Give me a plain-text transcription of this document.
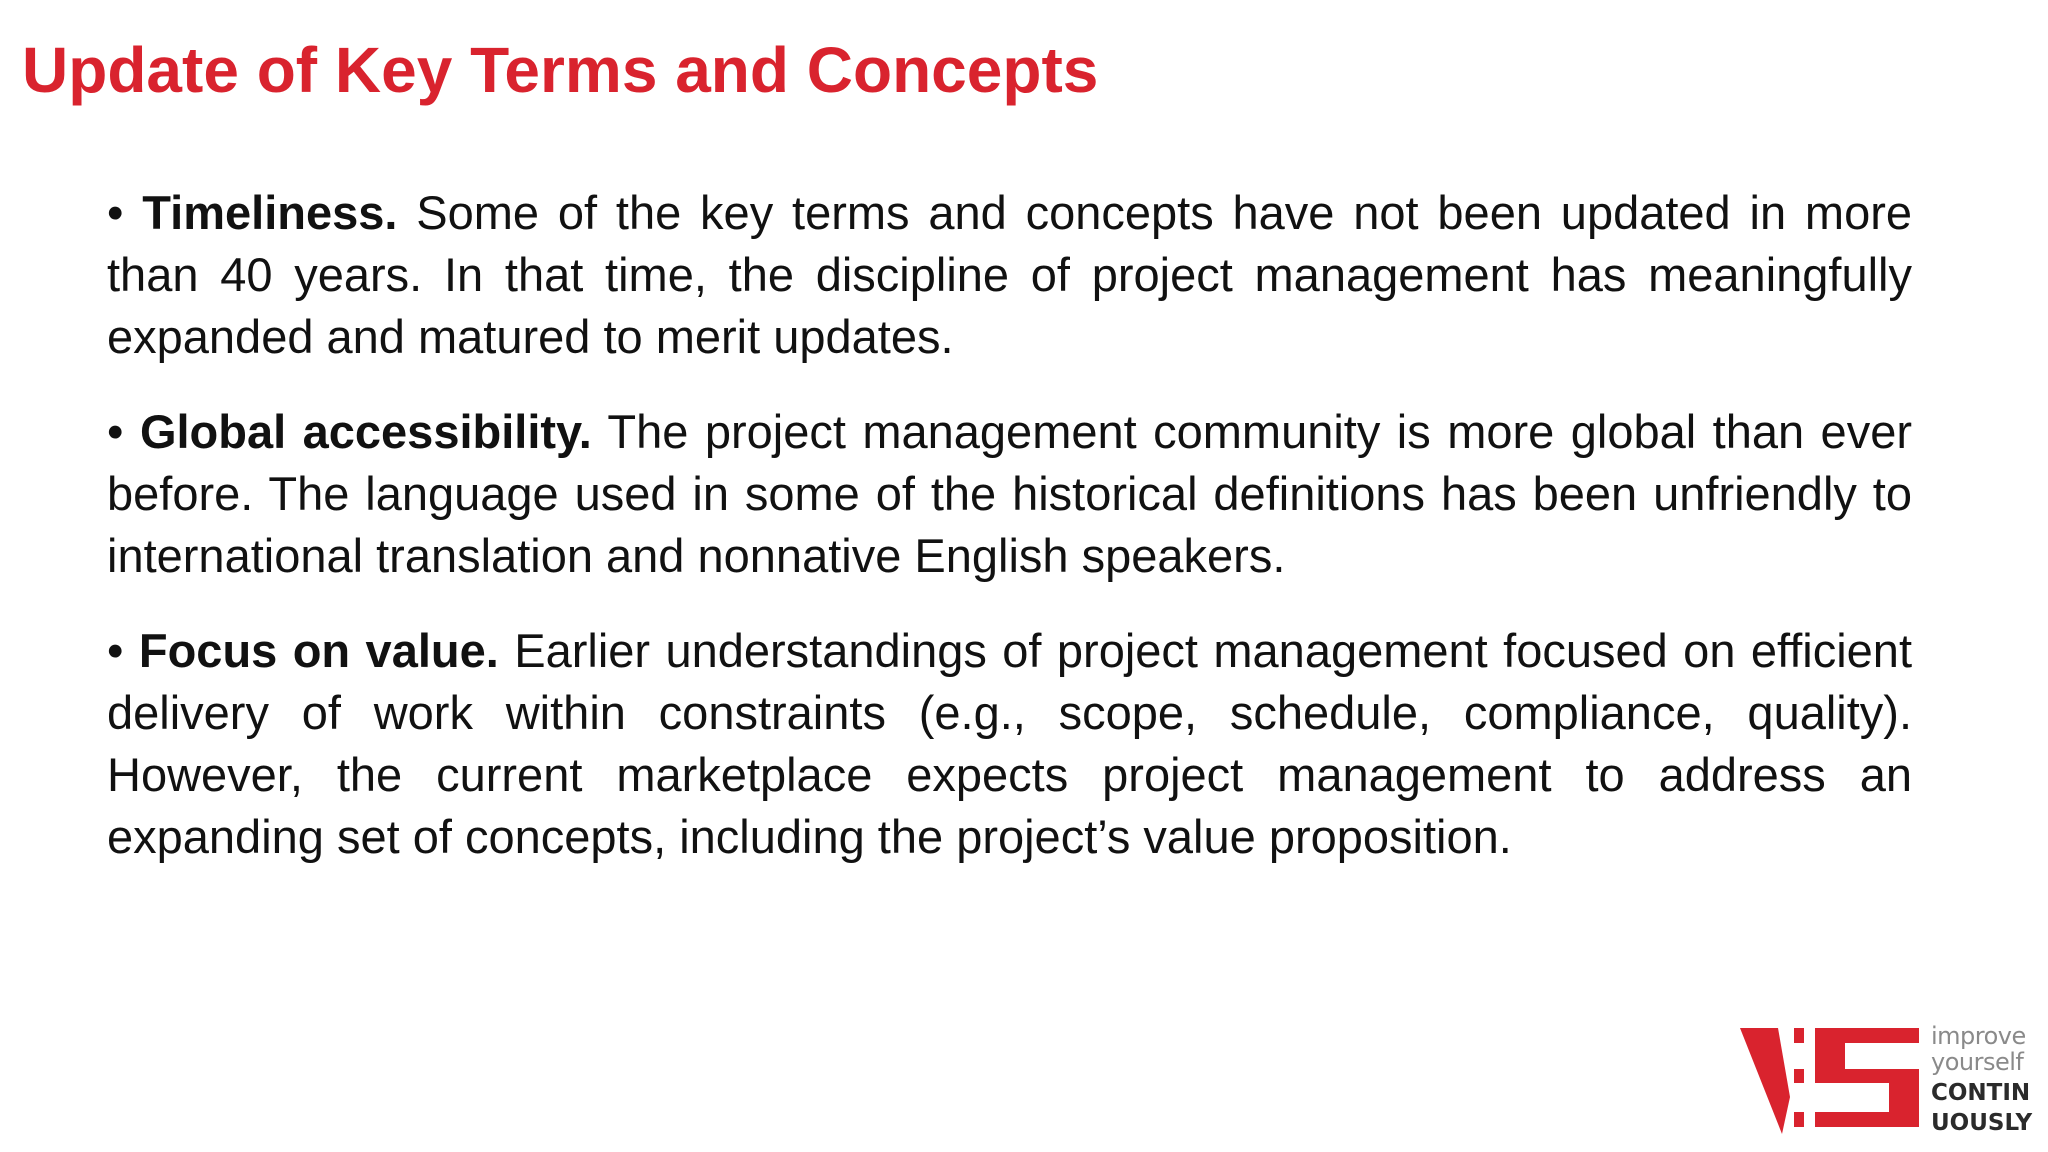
Update of Key Terms and Concepts
• Timeliness. Some of the key terms and concepts have not been updated in more than 40 years. In that time, the discipline of project management has meaningfully expanded and matured to merit updates.
• Global accessibility. The project management community is more global than ever before. The language used in some of the historical definitions has been unfriendly to international translation and nonnative English speakers.
• Focus on value. Earlier understandings of project management focused on efficient delivery of work within constraints (e.g., scope, schedule, compliance, quality). However, the current marketplace expects project management to address an expanding set of concepts, including the project’s value proposition.

improve

yourself

CONTIN

UOUSLY
